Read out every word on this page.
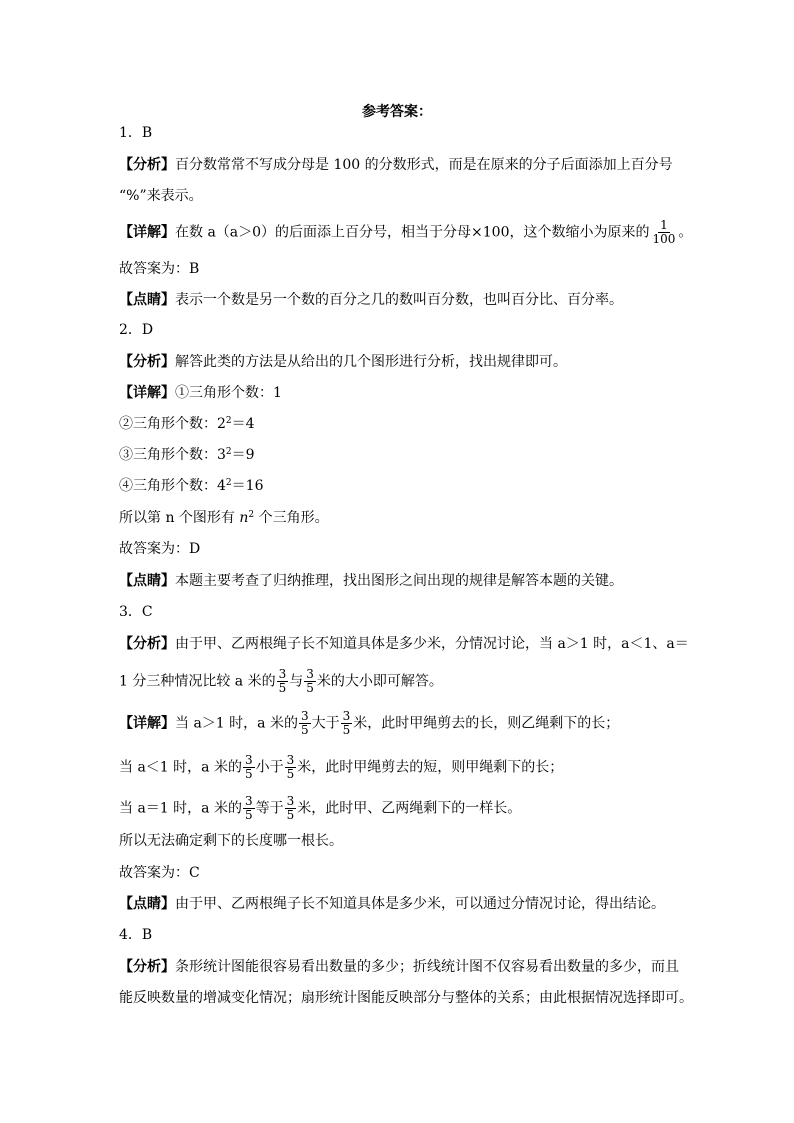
参考答案：
1．B
【分析】百分数常常不写成分母是 100 的分数形式，而是在原来的分子后面添加上百分号
“%”来表示。
【详解】在数 a（a＞0）的后面添上百分号，相当于分母×100，这个数缩小为原来的 $\frac{1}{100}$ 。
故答案为：B
【点睛】表示一个数是另一个数的百分之几的数叫百分数，也叫百分比、百分率。
2．D
【分析】解答此类的方法是从给出的几个图形进行分析，找出规律即可。
【详解】①三角形个数：1
②三角形个数：$2^2=4$
③三角形个数：$3^2=9$
④三角形个数：$4^2=16$
所以第 n 个图形有 $n^2$ 个三角形。
故答案为：D
【点睛】本题主要考查了归纳推理，找出图形之间出现的规律是解答本题的关键。
3．C
【分析】由于甲、乙两根绳子长不知道具体是多少米，分情况讨论，当 a＞1 时，a＜1、a＝
1 分三种情况比较 a 米的 $\frac{3}{5}$ 与 $\frac{3}{5}$ 米的大小即可解答。
【详解】当 a＞1 时，a 米的 $\frac{3}{5}$ 大于 $\frac{3}{5}$ 米，此时甲绳剪去的长，则乙绳剩下的长；
当 a＜1 时，a 米的 $\frac{3}{5}$ 小于 $\frac{3}{5}$ 米，此时甲绳剪去的短，则甲绳剩下的长；
当 a＝1 时，a 米的 $\frac{3}{5}$ 等于 $\frac{3}{5}$ 米，此时甲、乙两绳剩下的一样长。
所以无法确定剩下的长度哪一根长。
故答案为：C
【点睛】由于甲、乙两根绳子长不知道具体是多少米，可以通过分情况讨论，得出结论。
4．B
【分析】条形统计图能很容易看出数量的多少；折线统计图不仅容易看出数量的多少，而且
能反映数量的增减变化情况；扇形统计图能反映部分与整体的关系；由此根据情况选择即可。
